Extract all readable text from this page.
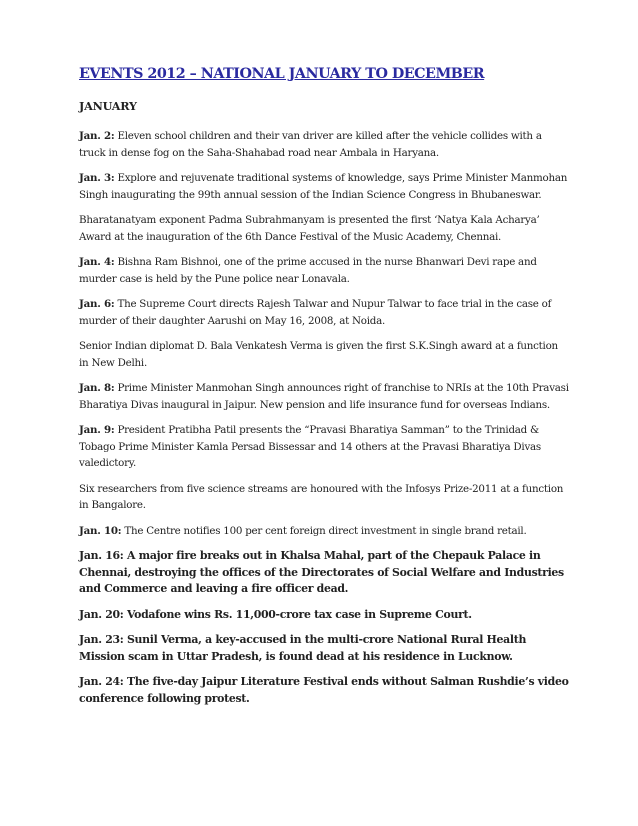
EVENTS 2012 – NATIONAL JANUARY TO DECEMBER
JANUARY

Jan. 2: Eleven school children and their van driver are killed after the vehicle collides with a truck in dense fog on the Saha-Shahabad road near Ambala in Haryana.

Jan. 3: Explore and rejuvenate traditional systems of knowledge, says Prime Minister Manmohan Singh inaugurating the 99th annual session of the Indian Science Congress in Bhubaneswar.

Bharatanatyam exponent Padma Subrahmanyam is presented the first ‘Natya Kala Acharya’ Award at the inauguration of the 6th Dance Festival of the Music Academy, Chennai.

Jan. 4: Bishna Ram Bishnoi, one of the prime accused in the nurse Bhanwari Devi rape and murder case is held by the Pune police near Lonavala.

Jan. 6: The Supreme Court directs Rajesh Talwar and Nupur Talwar to face trial in the case of murder of their daughter Aarushi on May 16, 2008, at Noida.

Senior Indian diplomat D. Bala Venkatesh Verma is given the first S.K.Singh award at a function in New Delhi.

Jan. 8: Prime Minister Manmohan Singh announces right of franchise to NRIs at the 10th Pravasi Bharatiya Divas inaugural in Jaipur. New pension and life insurance fund for overseas Indians.

Jan. 9: President Pratibha Patil presents the “Pravasi Bharatiya Samman” to the Trinidad & Tobago Prime Minister Kamla Persad Bissessar and 14 others at the Pravasi Bharatiya Divas valedictory.

Six researchers from five science streams are honoured with the Infosys Prize-2011 at a function in Bangalore.

Jan. 10: The Centre notifies 100 per cent foreign direct investment in single brand retail.

Jan. 16: A major fire breaks out in Khalsa Mahal, part of the Chepauk Palace in Chennai, destroying the offices of the Directorates of Social Welfare and Industries and Commerce and leaving a fire officer dead.

Jan. 20: Vodafone wins Rs. 11,000-crore tax case in Supreme Court.

Jan. 23: Sunil Verma, a key-accused in the multi-crore National Rural Health Mission scam in Uttar Pradesh, is found dead at his residence in Lucknow.

Jan. 24: The five-day Jaipur Literature Festival ends without Salman Rushdie’s video conference following protest.
